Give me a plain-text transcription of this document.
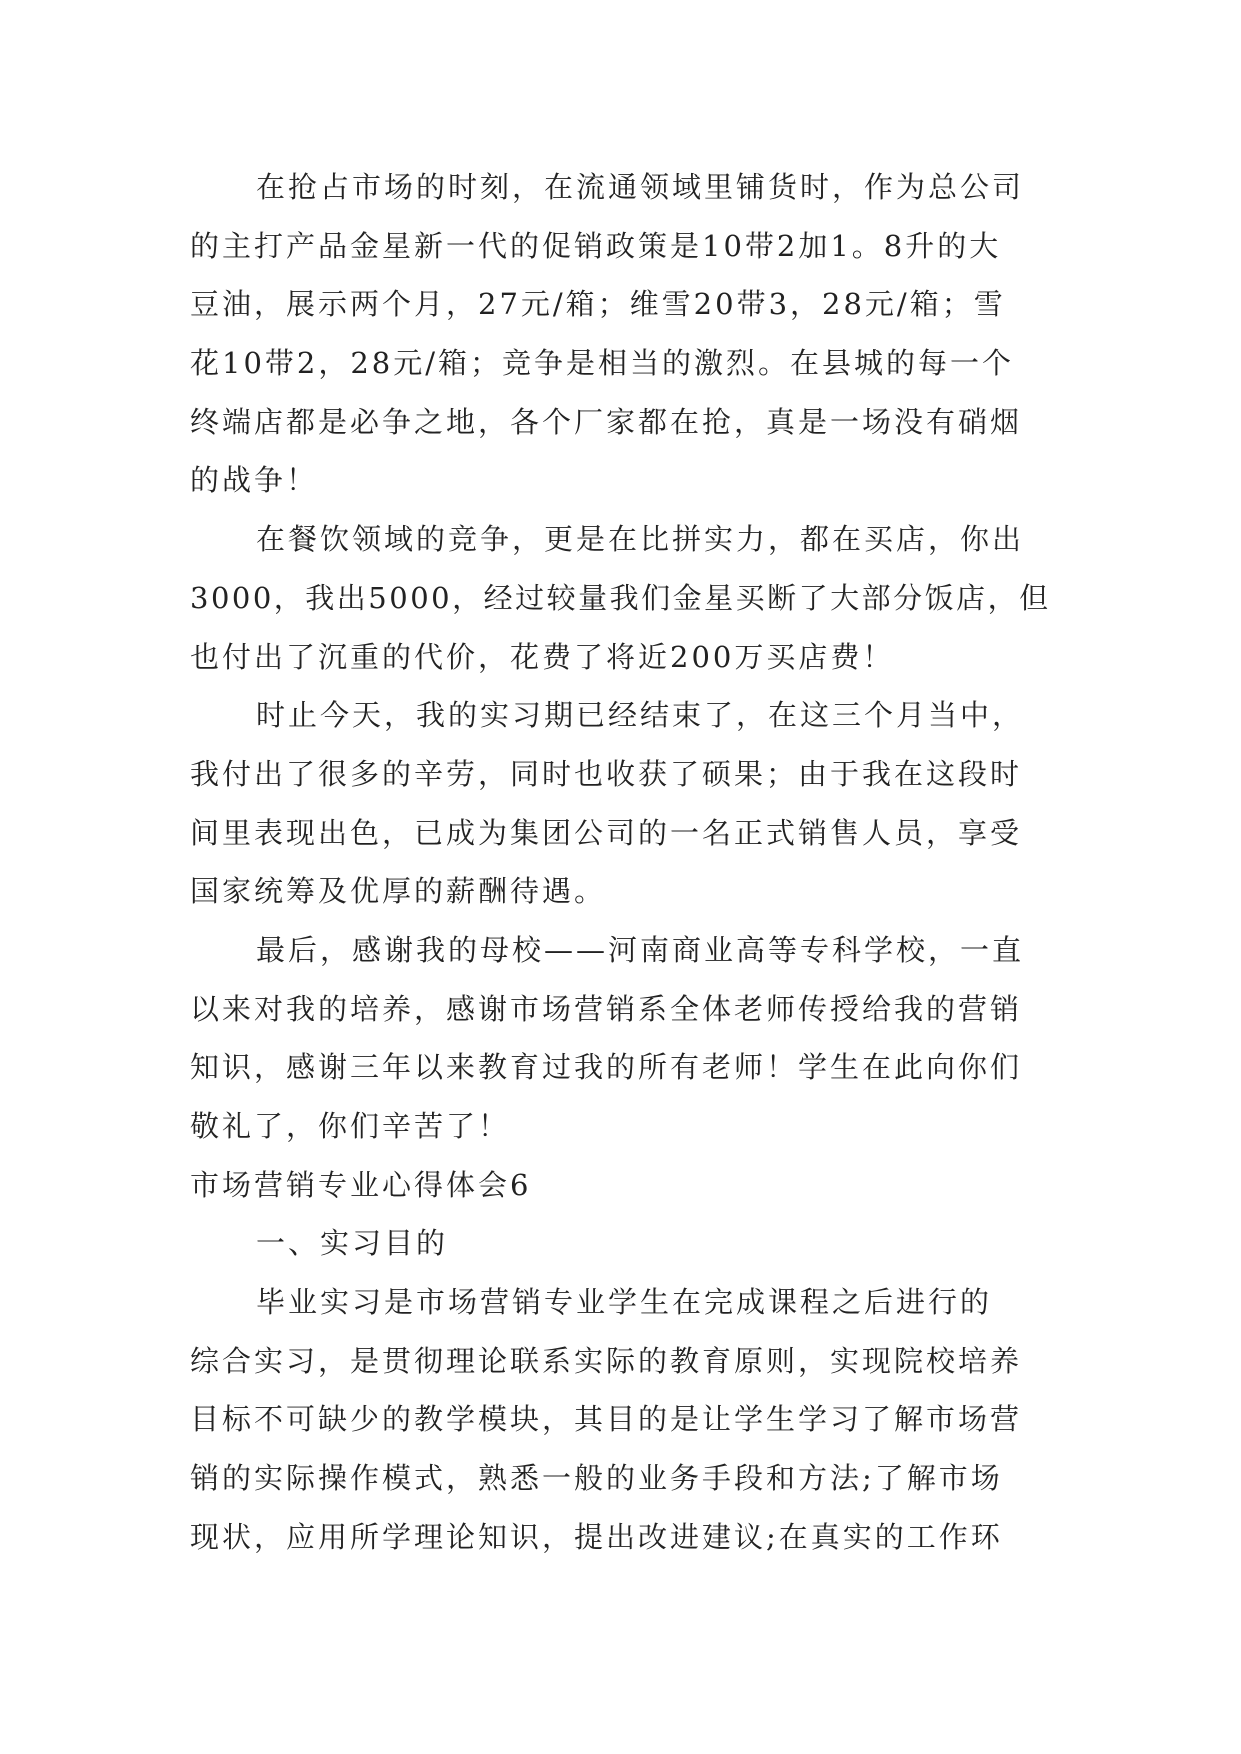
在抢占市场的时刻，在流通领域里铺货时，作为总公司
的主打产品金星新一代的促销政策是10带2加1。8升的大
豆油，展示两个月，27元/箱；维雪20带3，28元/箱；雪
花10带2，28元/箱；竞争是相当的激烈。在县城的每一个
终端店都是必争之地，各个厂家都在抢，真是一场没有硝烟
的战争！
在餐饮领域的竞争，更是在比拼实力，都在买店，你出
3000，我出5000，经过较量我们金星买断了大部分饭店，但
也付出了沉重的代价，花费了将近200万买店费！
时止今天，我的实习期已经结束了，在这三个月当中，
我付出了很多的辛劳，同时也收获了硕果；由于我在这段时
间里表现出色，已成为集团公司的一名正式销售人员，享受
国家统筹及优厚的薪酬待遇。
最后，感谢我的母校——河南商业高等专科学校，一直
以来对我的培养，感谢市场营销系全体老师传授给我的营销
知识，感谢三年以来教育过我的所有老师！学生在此向你们
敬礼了，你们辛苦了！
市场营销专业心得体会6
一、实习目的
毕业实习是市场营销专业学生在完成课程之后进行的
综合实习，是贯彻理论联系实际的教育原则，实现院校培养
目标不可缺少的教学模块，其目的是让学生学习了解市场营
销的实际操作模式，熟悉一般的业务手段和方法;了解市场
现状，应用所学理论知识，提出改进建议;在真实的工作环
